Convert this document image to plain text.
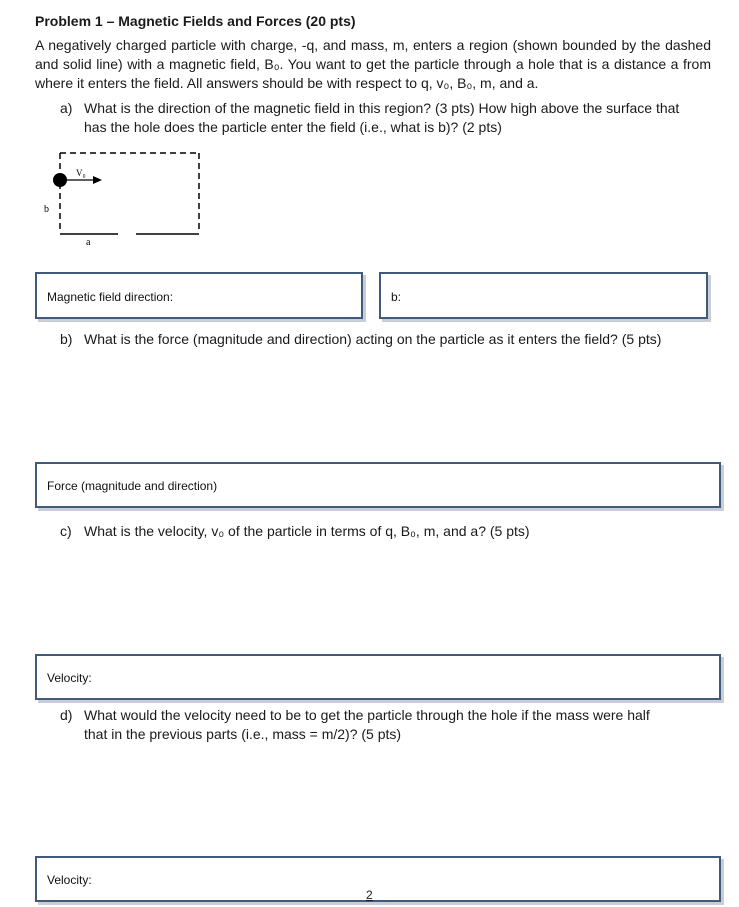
Problem 1 – Magnetic Fields and Forces (20 pts)
A negatively charged particle with charge, -q, and mass, m, enters a region (shown bounded by the dashed and solid line) with a magnetic field, B₀. You want to get the particle through a hole that is a distance a from where it enters the field. All answers should be with respect to q, v₀, B₀, m, and a.
a) What is the direction of the magnetic field in this region? (3 pts) How high above the surface that
has the hole does the particle enter the field (i.e., what is b)? (2 pts)
V₀
b
a
Magnetic field direction:	b:
b) What is the force (magnitude and direction) acting on the particle as it enters the field? (5 pts)
Force (magnitude and direction)
c) What is the velocity, v₀ of the particle in terms of q, B₀, m, and a? (5 pts)
Velocity:
d) What would the velocity need to be to get the particle through the hole if the mass were half
that in the previous parts (i.e., mass = m/2)? (5 pts)
Velocity:
2
